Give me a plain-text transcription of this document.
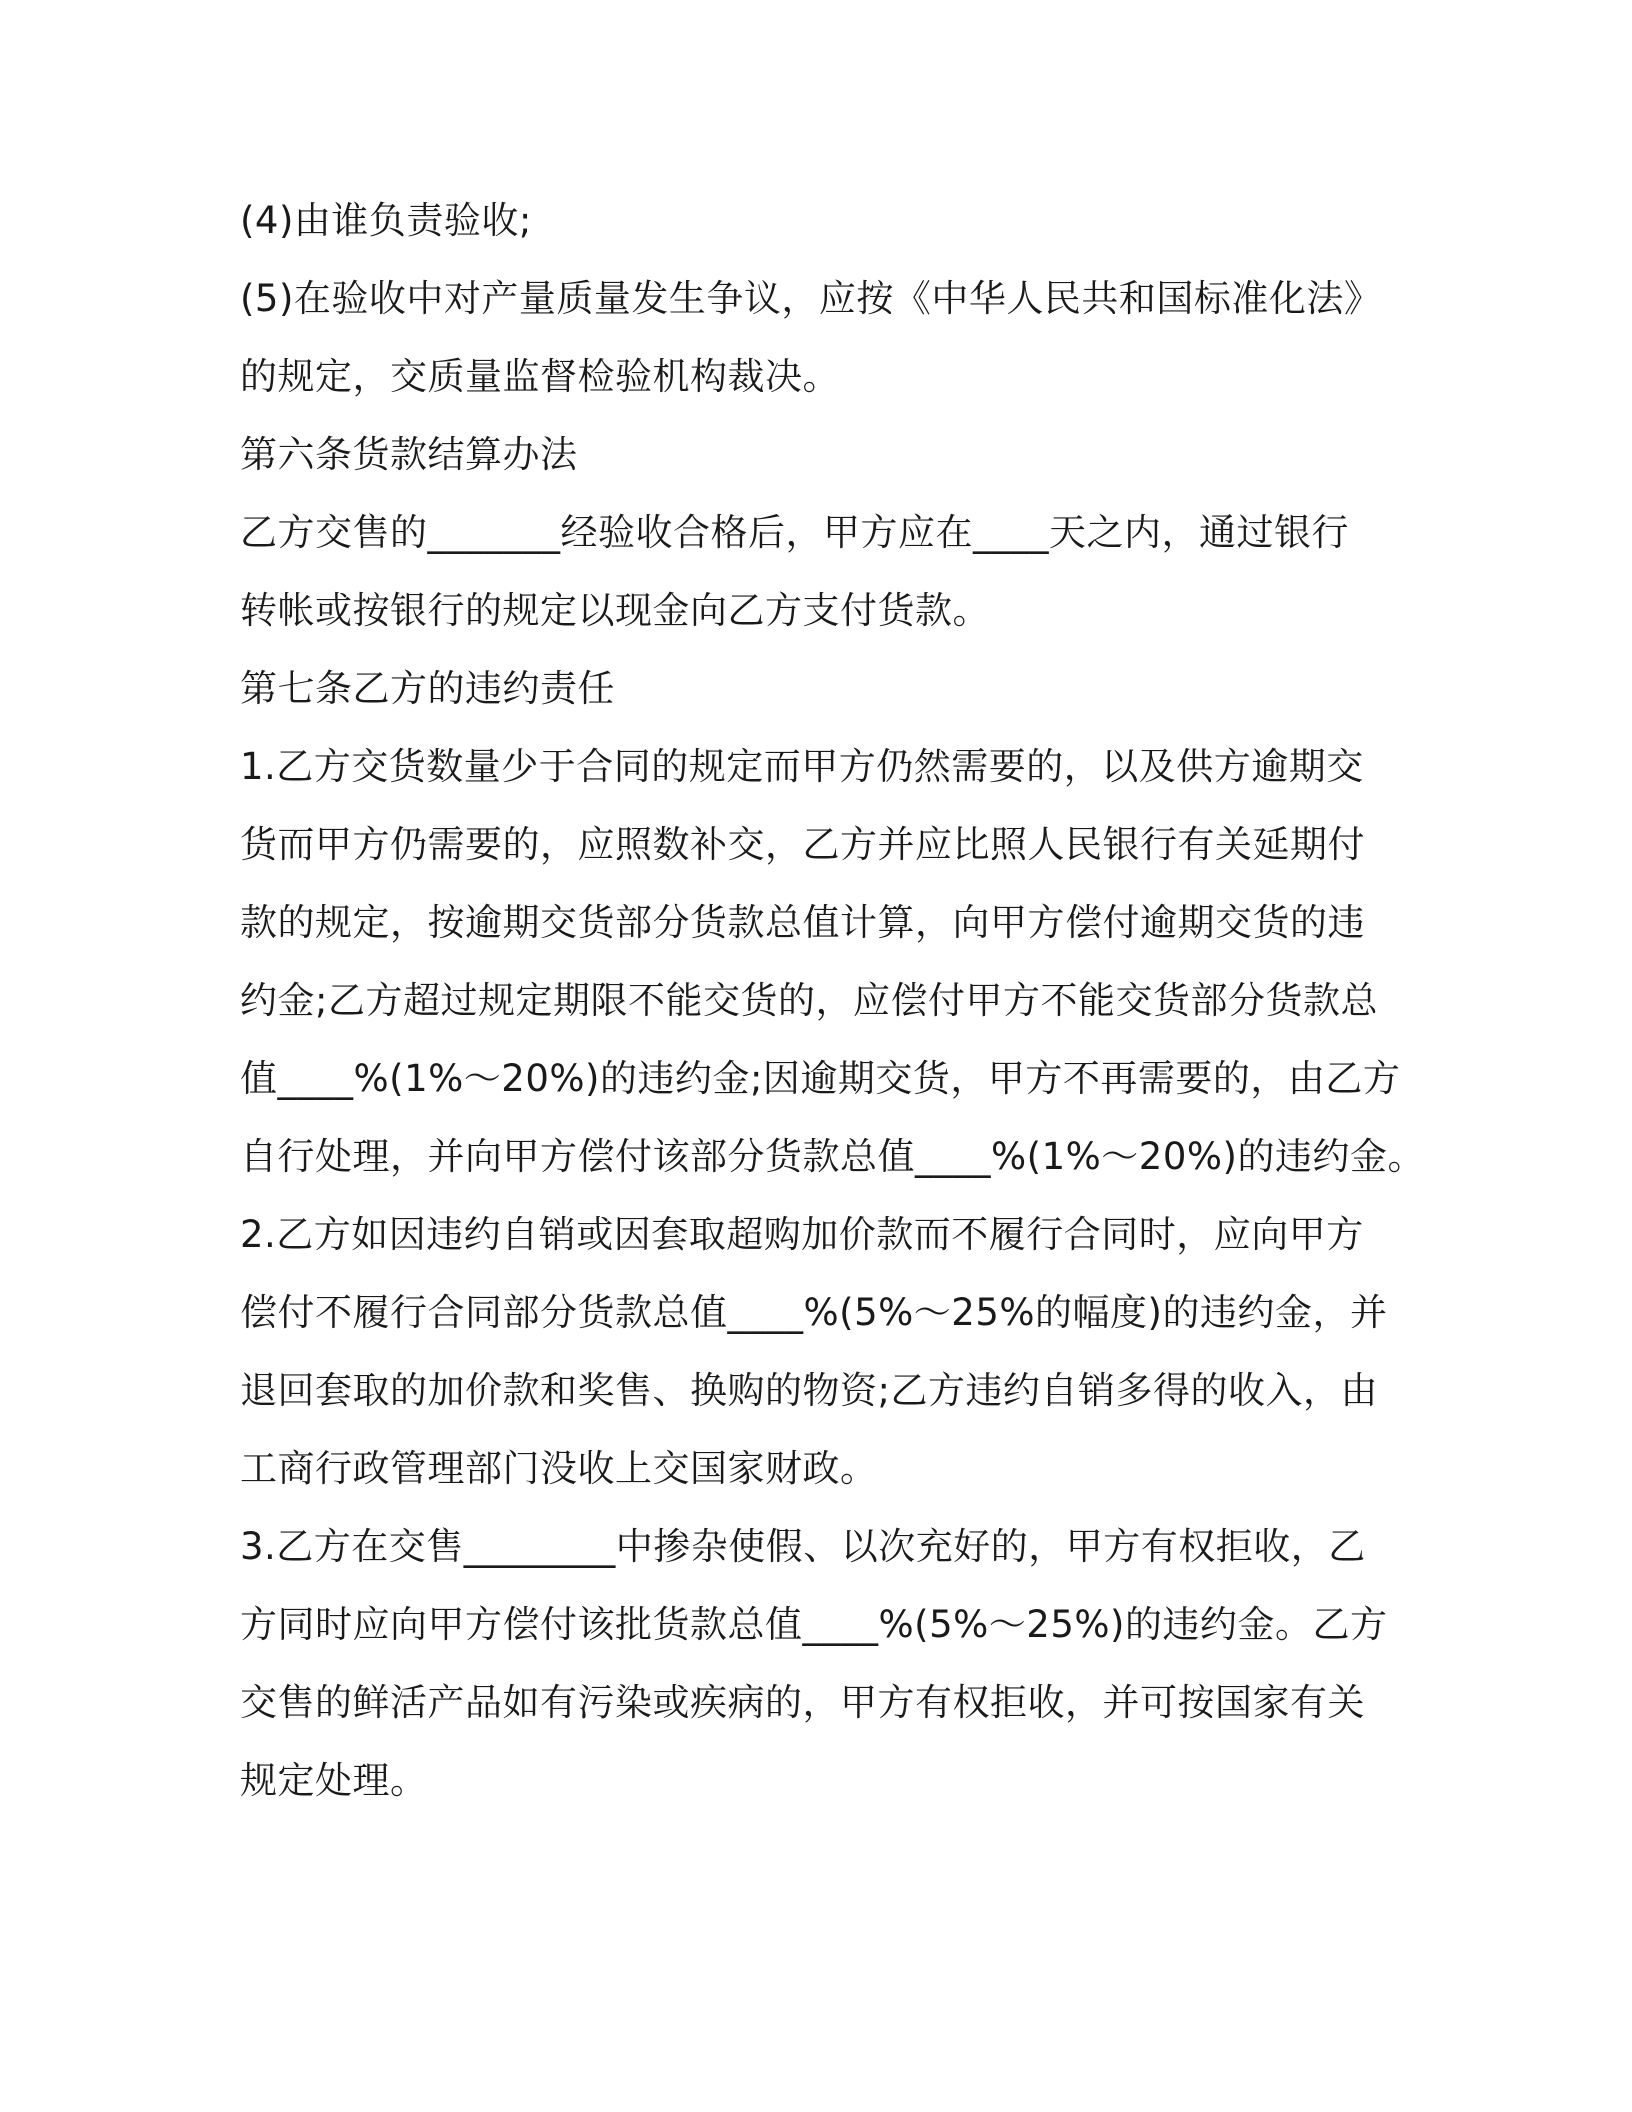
(4)由谁负责验收;
(5)在验收中对产量质量发生争议，应按《中华人民共和国标准化法》
的规定，交质量监督检验机构裁决。
第六条货款结算办法
乙方交售的_______经验收合格后，甲方应在____天之内，通过银行
转帐或按银行的规定以现金向乙方支付货款。
第七条乙方的违约责任
1.乙方交货数量少于合同的规定而甲方仍然需要的，以及供方逾期交
货而甲方仍需要的，应照数补交，乙方并应比照人民银行有关延期付
款的规定，按逾期交货部分货款总值计算，向甲方偿付逾期交货的违
约金;乙方超过规定期限不能交货的，应偿付甲方不能交货部分货款总
值____%(1%～20%)的违约金;因逾期交货，甲方不再需要的，由乙方
自行处理，并向甲方偿付该部分货款总值____%(1%～20%)的违约金。
2.乙方如因违约自销或因套取超购加价款而不履行合同时，应向甲方
偿付不履行合同部分货款总值____%(5%～25%的幅度)的违约金，并
退回套取的加价款和奖售、换购的物资;乙方违约自销多得的收入，由
工商行政管理部门没收上交国家财政。
3.乙方在交售________中掺杂使假、以次充好的，甲方有权拒收，乙
方同时应向甲方偿付该批货款总值____%(5%～25%)的违约金。乙方
交售的鲜活产品如有污染或疾病的，甲方有权拒收，并可按国家有关
规定处理。
